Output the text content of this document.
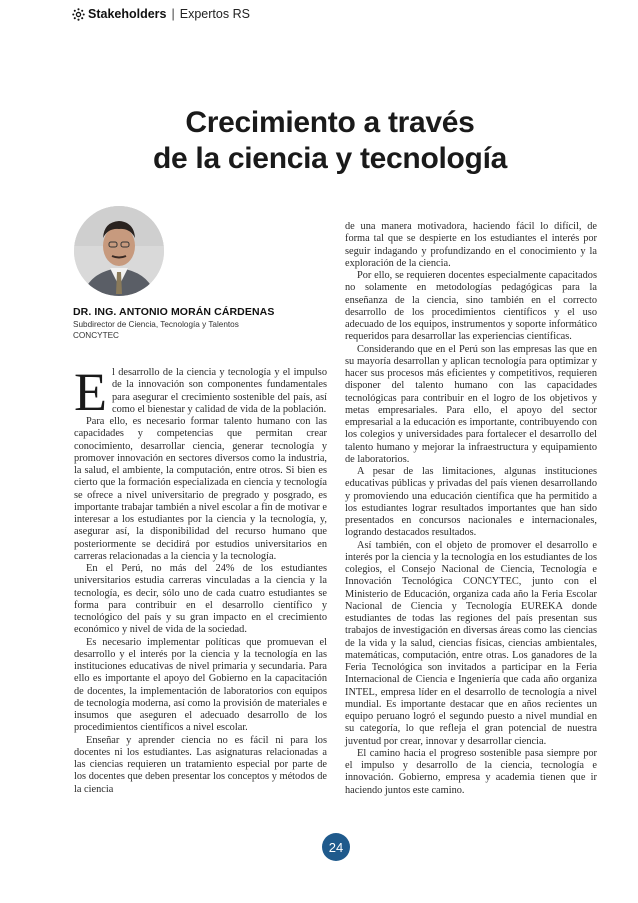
Stakeholders | Expertos RS
Crecimiento a través
de la ciencia y tecnología
DR. ING. ANTONIO MORÁN CÁRDENAS
Subdirector de Ciencia, Tecnología y Talentos
CONCYTEC

El desarrollo de la ciencia y tecnología y el impulso de la innovación son componentes fundamentales para asegurar el crecimiento sostenible del país, así como el bienestar y calidad de vida de la población.

Para ello, es necesario formar talento humano con las capacidades y competencias que permitan crear conocimiento, desarrollar ciencia, generar tecnología y promover innovación en sectores diversos como la industria, la salud, el ambiente, la computación, entre otros. Si bien es cierto que la formación especializada en ciencia y tecnología se ofrece a nivel universitario de pregrado y posgrado, es importante trabajar también a nivel escolar a fin de motivar e interesar a los estudiantes por la ciencia y la tecnología, y, asegurar así, la disponibilidad del recurso humano que posteriormente se decidirá por estudios universitarios en carreras relacionadas a la ciencia y la tecnología.

En el Perú, no más del 24% de los estudiantes universitarios estudia carreras vinculadas a la ciencia y la tecnología, es decir, sólo uno de cada cuatro estudiantes se forma para contribuir en el desarrollo científico y tecnológico del país y su gran impacto en el crecimiento económico y nivel de vida de la sociedad.

Es necesario implementar políticas que promuevan el desarrollo y el interés por la ciencia y la tecnología en las instituciones educativas de nivel primaria y secundaria. Para ello es importante el apoyo del Gobierno en la capacitación de docentes, la implementación de laboratorios con equipos de tecnología moderna, así como la provisión de materiales e insumos que aseguren el adecuado desarrollo de los procedimientos científicos a nivel escolar.

Enseñar y aprender ciencia no es fácil ni para los docentes ni los estudiantes. Las asignaturas relacionadas a las ciencias requieren un tratamiento especial por parte de los docentes que deben presentar los conceptos y métodos de la ciencia

de una manera motivadora, haciendo fácil lo difícil, de forma tal que se despierte en los estudiantes el interés por seguir indagando y profundizando en el conocimiento y la exploración de la ciencia.

Por ello, se requieren docentes especialmente capacitados no solamente en metodologías pedagógicas para la enseñanza de la ciencia, sino también en el correcto desarrollo de los procedimientos científicos y el uso adecuado de los equipos, instrumentos y soporte informático requeridos para desarrollar las experiencias científicas.

Considerando que en el Perú son las empresas las que en su mayoría desarrollan y aplican tecnología para optimizar y hacer sus procesos más eficientes y competitivos, requieren disponer del talento humano con las capacidades tecnológicas para contribuir en el logro de los objetivos y metas empresariales. Para ello, el apoyo del sector empresarial a la educación es importante, contribuyendo con los colegios y universidades para fortalecer el desarrollo del talento humano y mejorar la infraestructura y equipamiento de laboratorios.

A pesar de las limitaciones, algunas instituciones educativas públicas y privadas del país vienen desarrollando y promoviendo una educación científica que ha permitido a los estudiantes lograr resultados importantes que han sido presentados en concursos nacionales e internacionales, logrando destacados resultados.

Así también, con el objeto de promover el desarrollo e interés por la ciencia y la tecnología en los estudiantes de los colegios, el Consejo Nacional de Ciencia, Tecnología e Innovación Tecnológica CONCYTEC, junto con el Ministerio de Educación, organiza cada año la Feria Escolar Nacional de Ciencia y Tecnología EUREKA donde estudiantes de todas las regiones del país presentan sus trabajos de investigación en diversas áreas como las ciencias de la vida y la salud, ciencias físicas, ciencias ambientales, matemáticas, computación, entre otras. Los ganadores de la Feria Tecnológica son invitados a participar en la Feria Internacional de Ciencia e Ingeniería que cada año organiza INTEL, empresa líder en el desarrollo de tecnología a nivel mundial. Es importante destacar que en años recientes un equipo peruano logró el segundo puesto a nivel mundial en su categoría, lo que refleja el gran potencial de nuestra juventud por crear, innovar y desarrollar ciencia.

El camino hacia el progreso sostenible pasa siempre por el impulso y desarrollo de la ciencia, tecnología e innovación. Gobierno, empresa y academia tienen que ir haciendo juntos este camino.

24
